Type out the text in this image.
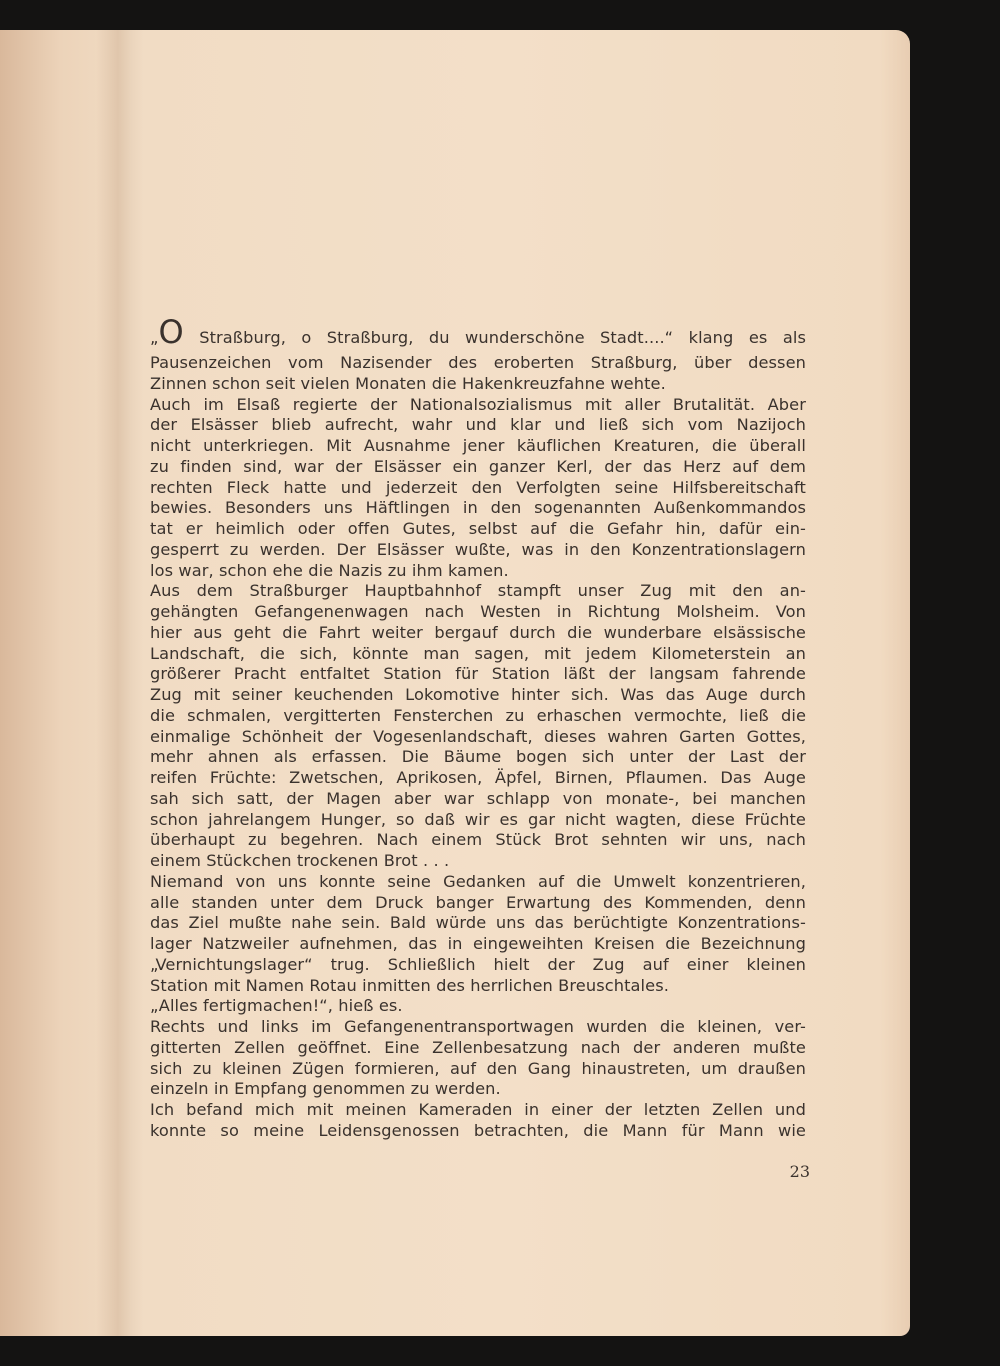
„O Straßburg, o Straßburg, du wunderschöne Stadt....“ klang es als
Pausenzeichen vom Nazisender des eroberten Straßburg, über dessen
Zinnen schon seit vielen Monaten die Hakenkreuzfahne wehte.
Auch im Elsaß regierte der Nationalsozialismus mit aller Brutalität. Aber
der Elsässer blieb aufrecht, wahr und klar und ließ sich vom Nazijoch
nicht unterkriegen. Mit Ausnahme jener käuflichen Kreaturen, die überall
zu finden sind, war der Elsässer ein ganzer Kerl, der das Herz auf dem
rechten Fleck hatte und jederzeit den Verfolgten seine Hilfsbereitschaft
bewies. Besonders uns Häftlingen in den sogenannten Außenkommandos
tat er heimlich oder offen Gutes, selbst auf die Gefahr hin, dafür ein-
gesperrt zu werden. Der Elsässer wußte, was in den Konzentrationslagern
los war, schon ehe die Nazis zu ihm kamen.
Aus dem Straßburger Hauptbahnhof stampft unser Zug mit den an-
gehängten Gefangenenwagen nach Westen in Richtung Molsheim. Von
hier aus geht die Fahrt weiter bergauf durch die wunderbare elsässische
Landschaft, die sich, könnte man sagen, mit jedem Kilometerstein an
größerer Pracht entfaltet Station für Station läßt der langsam fahrende
Zug mit seiner keuchenden Lokomotive hinter sich. Was das Auge durch
die schmalen, vergitterten Fensterchen zu erhaschen vermochte, ließ die
einmalige Schönheit der Vogesenlandschaft, dieses wahren Garten Gottes,
mehr ahnen als erfassen. Die Bäume bogen sich unter der Last der
reifen Früchte: Zwetschen, Aprikosen, Äpfel, Birnen, Pflaumen. Das Auge
sah sich satt, der Magen aber war schlapp von monate-, bei manchen
schon jahrelangem Hunger, so daß wir es gar nicht wagten, diese Früchte
überhaupt zu begehren. Nach einem Stück Brot sehnten wir uns, nach
einem Stückchen trockenen Brot . . .
Niemand von uns konnte seine Gedanken auf die Umwelt konzentrieren,
alle standen unter dem Druck banger Erwartung des Kommenden, denn
das Ziel mußte nahe sein. Bald würde uns das berüchtigte Konzentrations-
lager Natzweiler aufnehmen, das in eingeweihten Kreisen die Bezeichnung
„Vernichtungslager“ trug. Schließlich hielt der Zug auf einer kleinen
Station mit Namen Rotau inmitten des herrlichen Breuschtales.
„Alles fertigmachen!“, hieß es.
Rechts und links im Gefangenentransportwagen wurden die kleinen, ver-
gitterten Zellen geöffnet. Eine Zellenbesatzung nach der anderen mußte
sich zu kleinen Zügen formieren, auf den Gang hinaustreten, um draußen
einzeln in Empfang genommen zu werden.
Ich befand mich mit meinen Kameraden in einer der letzten Zellen und
konnte so meine Leidensgenossen betrachten, die Mann für Mann wie
23
